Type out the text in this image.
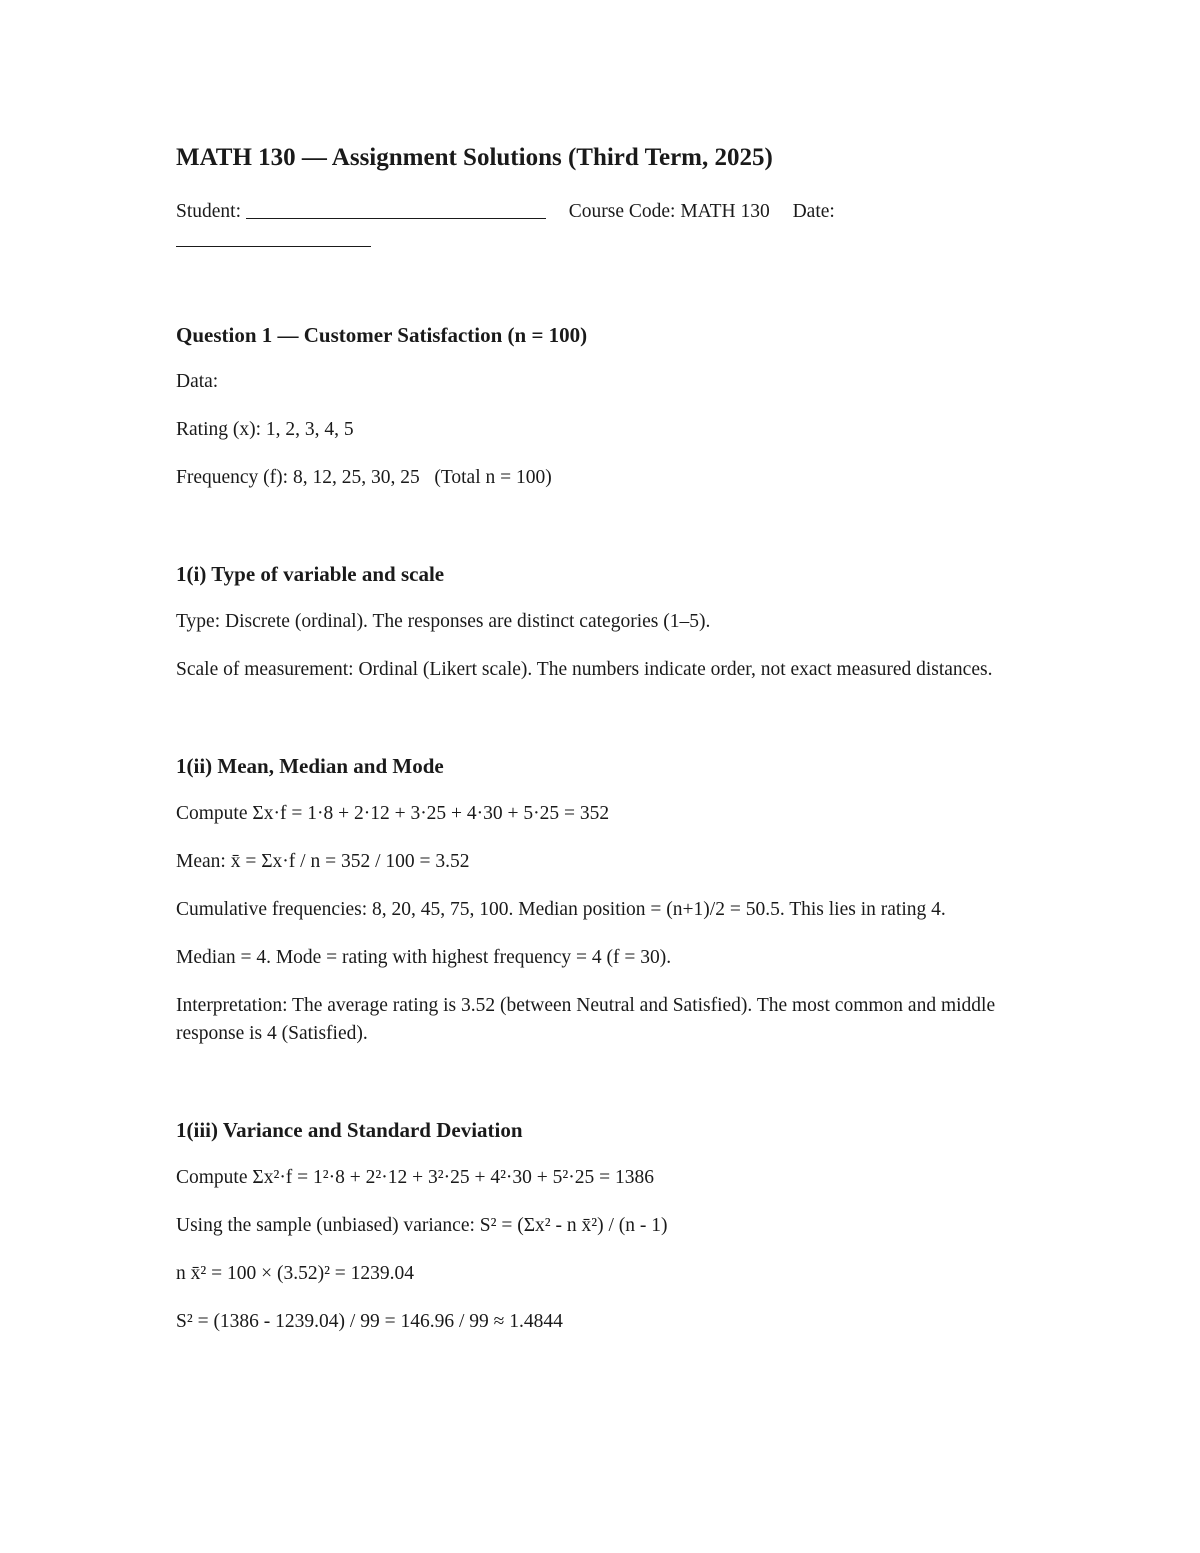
MATH 130 — Assignment Solutions (Third Term, 2025)

Student:	Course Code: MATH 130 Date:

Question 1 — Customer Satisfaction (n = 100)

Data:

Rating (x): 1, 2, 3, 4, 5

Frequency (f): 8, 12, 25, 30, 25   (Total n = 100)

1(i) Type of variable and scale

Type: Discrete (ordinal). The responses are distinct categories (1–5).

Scale of measurement: Ordinal (Likert scale). The numbers indicate order, not exact measured distances.

1(ii) Mean, Median and Mode

Compute Σx·f = 1·8 + 2·12 + 3·25 + 4·30 + 5·25 = 352

Mean: x̄ = Σx·f / n = 352 / 100 = 3.52

Cumulative frequencies: 8, 20, 45, 75, 100. Median position = (n+1)/2 = 50.5. This lies in rating 4.

Median = 4. Mode = rating with highest frequency = 4 (f = 30).

Interpretation: The average rating is 3.52 (between Neutral and Satisfied). The most common and middle response is 4 (Satisfied).

1(iii) Variance and Standard Deviation

Compute Σx²·f = 1²·8 + 2²·12 + 3²·25 + 4²·30 + 5²·25 = 1386

Using the sample (unbiased) variance: S² = (Σx² - n x̄²) / (n - 1)

n x̄² = 100 × (3.52)² = 1239.04

S² = (1386 - 1239.04) / 99 = 146.96 / 99 ≈ 1.4844
